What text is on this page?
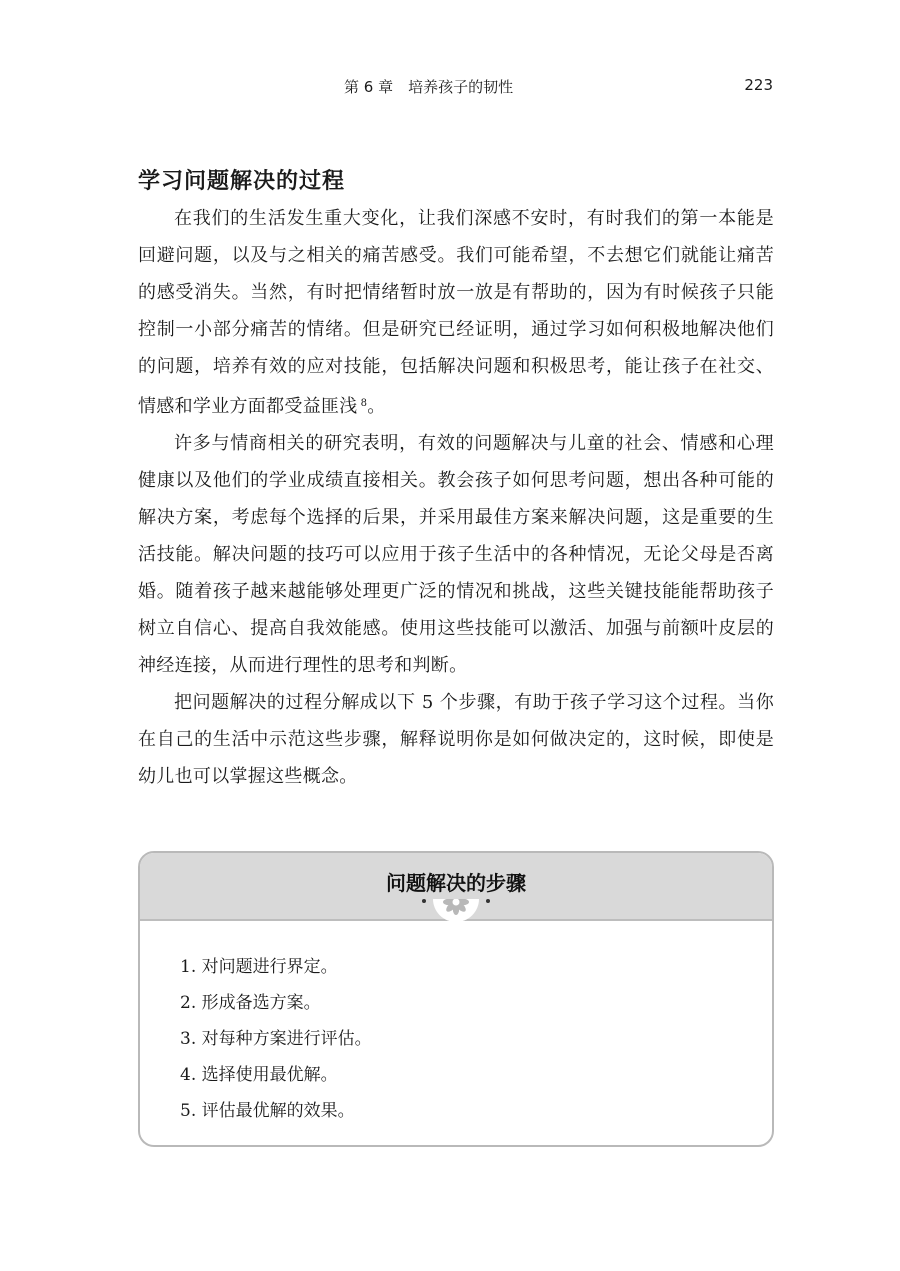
第 6 章　培养孩子的韧性	223
学习问题解决的过程

在我们的生活发生重大变化，让我们深感不安时，有时我们的第一本能是回避问题，以及与之相关的痛苦感受。我们可能希望，不去想它们就能让痛苦的感受消失。当然，有时把情绪暂时放一放是有帮助的，因为有时候孩子只能控制一小部分痛苦的情绪。但是研究已经证明，通过学习如何积极地解决他们的问题，培养有效的应对技能，包括解决问题和积极思考，能让孩子在社交、情感和学业方面都受益匪浅 $^8$。

许多与情商相关的研究表明，有效的问题解决与儿童的社会、情感和心理健康以及他们的学业成绩直接相关。教会孩子如何思考问题，想出各种可能的解决方案，考虑每个选择的后果，并采用最佳方案来解决问题，这是重要的生活技能。解决问题的技巧可以应用于孩子生活中的各种情况，无论父母是否离婚。随着孩子越来越能够处理更广泛的情况和挑战，这些关键技能能帮助孩子树立自信心、提高自我效能感。使用这些技能可以激活、加强与前额叶皮层的神经连接，从而进行理性的思考和判断。

把问题解决的过程分解成以下 5 个步骤，有助于孩子学习这个过程。当你在自己的生活中示范这些步骤，解释说明你是如何做决定的，这时候，即使是幼儿也可以掌握这些概念。

问题解决的步骤
1. 对问题进行界定。
2. 形成备选方案。
3. 对每种方案进行评估。
4. 选择使用最优解。
5. 评估最优解的效果。
